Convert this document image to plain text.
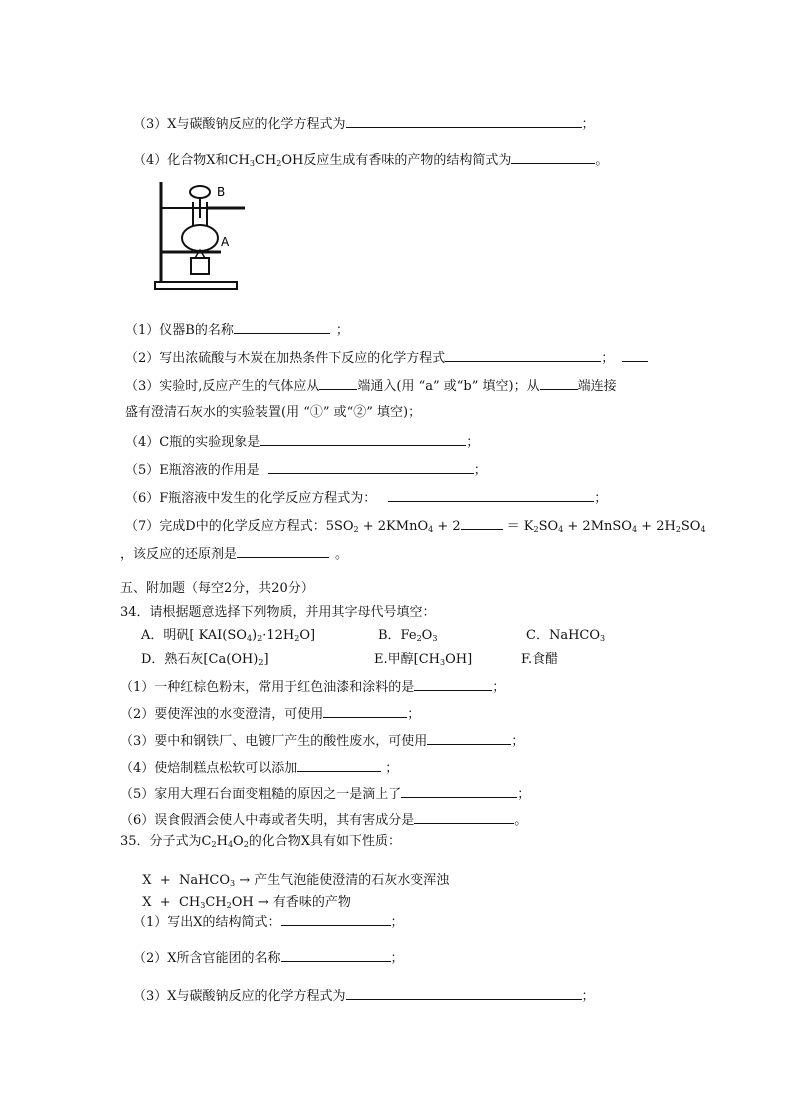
（3）X与碳酸钠反应的化学方程式为	；
（4）化合物X和$CH_3CH_2OH$反应生成有香味的产物的结构简式为	。
B
A
（1）仪器B的名称	；
（2）写出浓硫酸与木炭在加热条件下反应的化学方程式	；
（3）实验时,反应产生的气体应从	端通入(用 “a” 或“b” 填空)；从	端连接
盛有澄清石灰水的实验装置(用 “①” 或“②” 填空)；
（4）C瓶的实验现象是	；
（5）E瓶溶液的作用是	；
（6）F瓶溶液中发生的化学反应方程式为：	；
（7）完成D中的化学反应方程式：$5SO_2$ + 2KMnO$_4$ + 2	＝ $K_2SO_4$ + 2MnSO$_4$ + $2H_2SO_4$
，该反应的还原剂是	。
五、附加题（每空2分，共20分）
34．请根据题意选择下列物质，并用其字母代号填空：
A．明矾[ $KAI(SO_4)_2\cdot 12H_2O$]	B．$Fe_2O_3$	C．NaHCO$_3$
D．熟石灰$[Ca(OH)_2]$	E.甲醇$[CH_3OH]$	F.食醋
（1）一种红棕色粉末，常用于红色油漆和涂料的是	；
（2）要使浑浊的水变澄清，可使用	；
（3）要中和钢铁厂、电镀厂产生的酸性废水，可使用	；
（4）使焙制糕点松软可以添加	；
（5）家用大理石台面变粗糙的原因之一是滴上了	；
（6）误食假酒会使人中毒或者失明，其有害成分是	。
35．分子式为$C_2H_4O_2$的化合物X具有如下性质：

X  +  NaHCO$_3$ → 产生气泡能使澄清的石灰水变浑浊

$X + CH_3CH_2OH$ → 有香味的产物

（1）写出X的结构简式：	；
（2）X所含官能团的名称	；
（3）X与碳酸钠反应的化学方程式为	；
